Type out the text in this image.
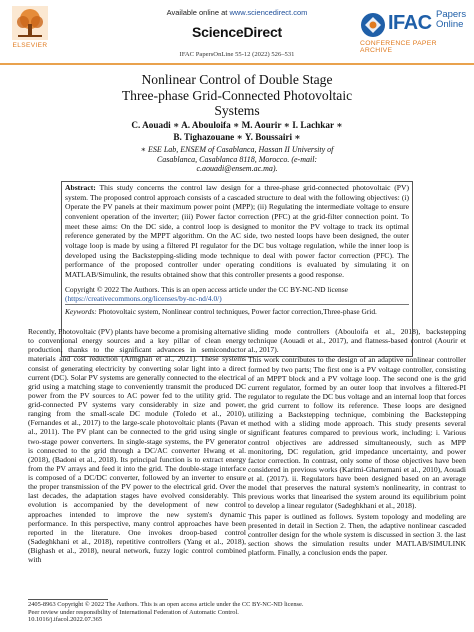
ELSEVIER
Available online at www.sciencedirect.com
ScienceDirect	IFAC Papers
Online
CONFERENCE PAPER ARCHIVE
IFAC PapersOnLine 55-12 (2022) 526–531
Nonlinear Control of Double Stage
Three-phase Grid-Connected Photovoltaic
Systems
C. Aouadi ∗ A. Abouloifa ∗ M. Aourir ∗ I. Lachkar ∗
B. Tighazouane ∗ Y. Boussairi ∗
∗ ESE Lab, ENSEM of Casablanca, Hassan II University of
Casablanca, Casablanca 8118, Morocco. (e-mail:
c.aouadi@ensem.ac.ma).
Abstract: This study concerns the control law design for a three-phase grid-connected photovoltaic (PV) system. The proposed control approach consists of a cascaded structure to deal with the following objectives: (i) Operate the PV panels at their maximum power point (MPP); (ii) Regulating the intermediate voltage to ensure convenient operation of the inverter; (iii) Power factor correction (PFC) at the grid-filter connection point. To meet these aims: On the DC side, a control loop is designed to monitor the PV voltage to track its optimal reference generated by the MPPT algorithm. On the AC side, two nested loops have been designed, the outer voltage loop is made by using a filtered PI regulator for the DC bus voltage regulation, while the inner loop is developed using the Backstepping-sliding mode technique to deal with power factor correction (PFC). The performance of the proposed controller under operating conditions is evaluated by simulating it on MATLAB/Simulink, the results obtained show that this controller presents a good response.
Copyright © 2022 The Authors. This is an open access article under the CC BY-NC-ND license
(https://creativecommons.org/licenses/by-nc-nd/4.0/)
Keywords: Photovoltaic system, Nonlinear control techniques, Power factor correction,Three-phase Grid.
Recently, Photovoltaic (PV) plants have become a promising alternative to conventional energy sources and a key pillar of clean energy production, thanks to the significant advances in semiconductor materials and cost reduction (Armghan et al., 2021). These systems consist of generating electricity by converting solar light into a direct current (DC). Solar PV systems are generally connected to the electrical grid using a matching stage to conveniently transmit the produced DC power from the PV sources to AC power fed to the utility grid. The grid-connected PV systems vary considerably in size and power, ranging from the small-scale DC module (Toledo et al., 2010), (Fernandes et al., 2017) to the large-scale photovoltaic plants (Pavan et al., 2011). The PV plant can be connected to the grid using single or two-stage power converters. In single-stage systems, the PV generator is connected to the grid through a DC/AC converter Hwang et al. (2018), (Badoni et al., 2018). Its principal function is to extract energy from the PV arrays and feed it into the grid. The double-stage interface is composed of a DC/DC converter, followed by an inverter to ensure the proper transmission of the PV power to the electrical grid. Over the last decades, the adaptation stages have evolved considerably. This evolution is accompanied by the development of new control approaches intended to improve the new system's dynamic performance. In this perspective, many control approaches have been reported in the literature. One invokes droop-based control (Sadeghkhani et al., 2018), repetitive controllers (Yang et al., 2018), (Bighash et al., 2018), neural network, fuzzy logic control combined with
sliding mode controllers (Abouloifa et al., 2018), backstepping technique (Aouadi et al., 2017), and flatness-based control (Aourir et al., 2017).
This work contributes to the design of an adaptive nonlinear controller formed by two parts; The first one is a PV voltage controller, consisting of an MPPT block and a PV voltage loop. The second one is the grid current regulator, formed by an outer loop that involves a filtered-PI regulator to regulate the DC bus voltage and an internal loop that forces the grid current to follow its reference. These loops are designed utilizing a Backstepping technique, combining the Backstepping method with a sliding mode approach. This study presents several significant features compared to previous work, including: i. Various control objectives are addressed simultaneously, such as MPP monitoring, DC regulation, grid impedance uncertainty, and power factor correction. In contrast, only some of those objectives have been considered in previous works (Karimi-Ghartemani et al., 2010), Aouadi et al. (2017). ii. Regulators have been designed based on an average model that preserves the natural system's nonlinearity, in contrast to previous works that linearised the system around its equilibrium point to develop a linear regulator (Sadeghkhani et al., 2018).
This paper is outlined as follows. System topology and modeling are presented in detail in Section 2. Then, the adaptive nonlinear cascaded controller design for the whole system is discussed in section 3. the last section shows the simulation results under MATLAB/SIMULINK platform. Finally, a conclusion ends the paper.
2405-8963 Copyright © 2022 The Authors. This is an open access article under the CC BY-NC-ND license.
Peer review under responsibility of International Federation of Automatic Control.
10.1016/j.ifacol.2022.07.365
